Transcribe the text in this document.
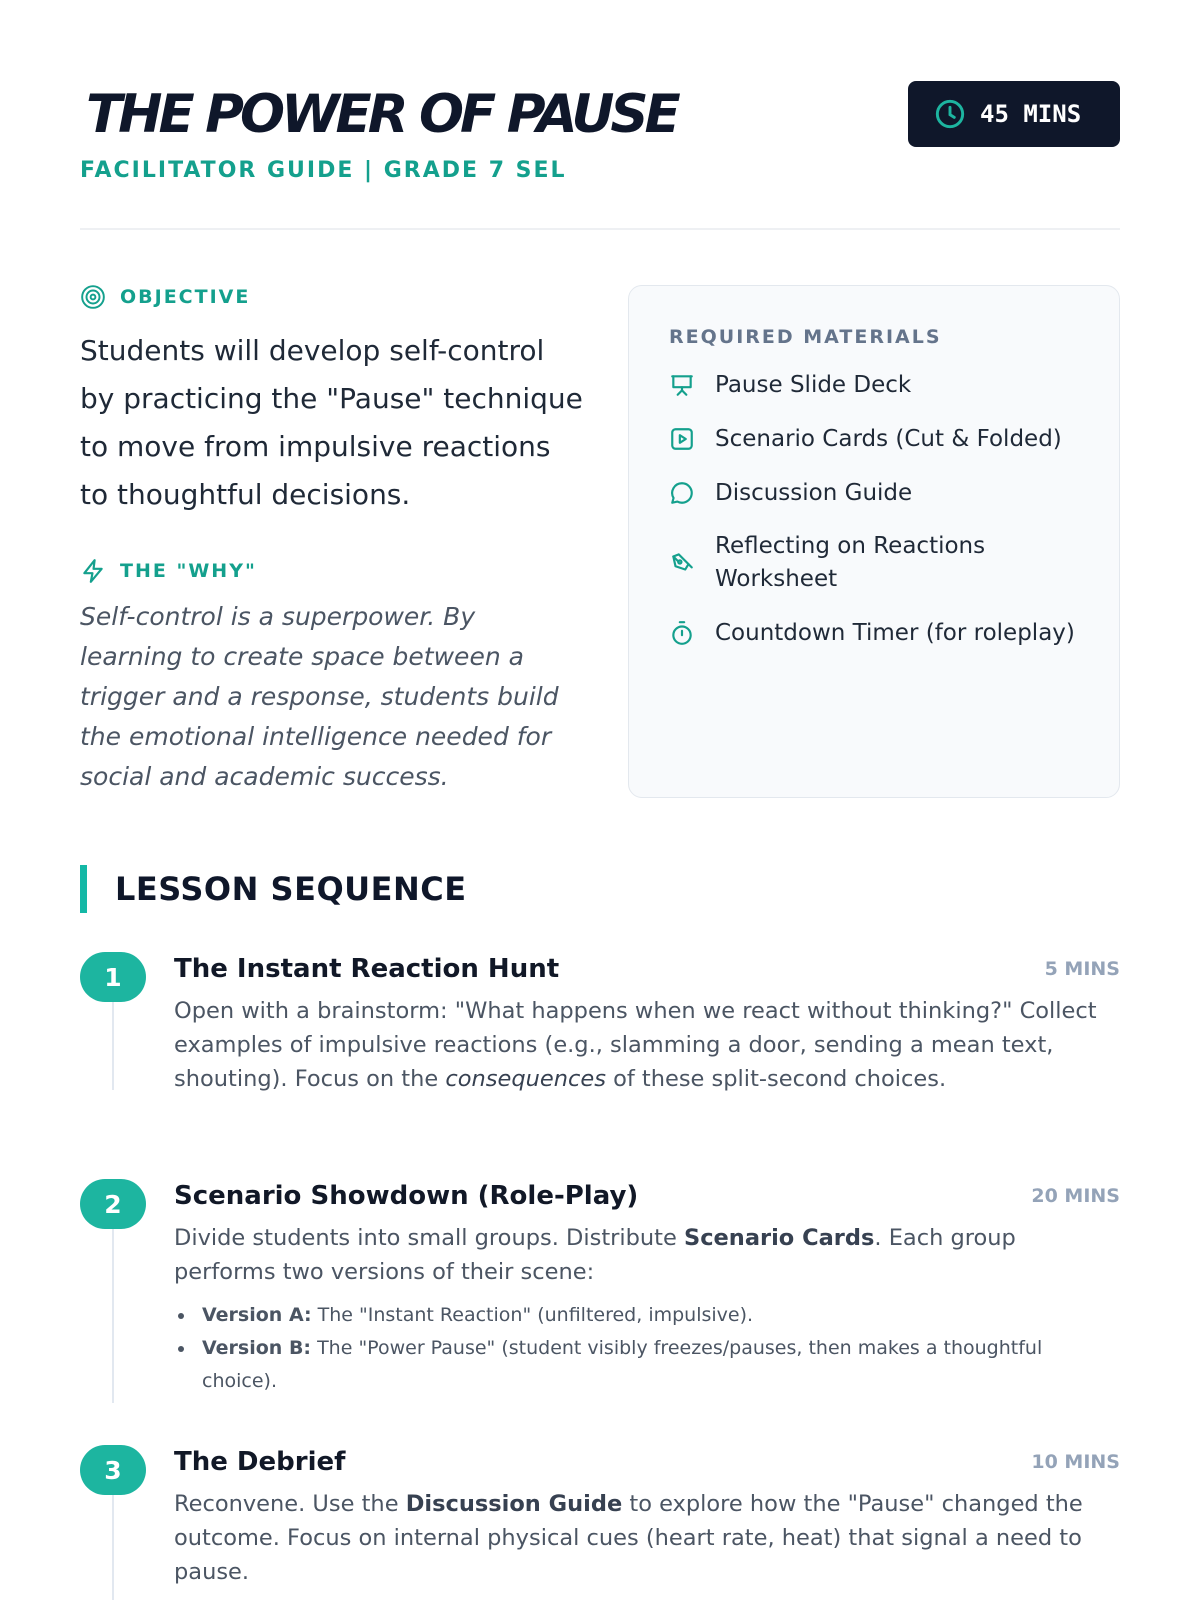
THE POWER OF PAUSE
FACILITATOR GUIDE | GRADE 7 SEL
45 MINS
OBJECTIVE

Students will develop self-control by practicing the "Pause" technique to move from impulsive reactions to thoughtful decisions.

THE "WHY"

Self-control is a superpower. By learning to create space between a trigger and a response, students build the emotional intelligence needed for social and academic success.

REQUIRED MATERIALS
Pause Slide Deck
Scenario Cards (Cut & Folded)
Discussion Guide
Reflecting on Reactions Worksheet
Countdown Timer (for roleplay)
LESSON SEQUENCE
1	The Instant Reaction Hunt	5 MINS

Open with a brainstorm: "What happens when we react without thinking?" Collect examples of impulsive reactions (e.g., slamming a door, sending a mean text, shouting). Focus on the consequences of these split-second choices.

2	Scenario Showdown (Role-Play)	20 MINS

Divide students into small groups. Distribute Scenario Cards. Each group performs two versions of their scene:

Version A: The "Instant Reaction" (unfiltered, impulsive).
Version B: The "Power Pause" (student visibly freezes/pauses, then makes a thoughtful choice).
3	The Debrief	10 MINS

Reconvene. Use the Discussion Guide to explore how the "Pause" changed the outcome. Focus on internal physical cues (heart rate, heat) that signal a need to pause.
